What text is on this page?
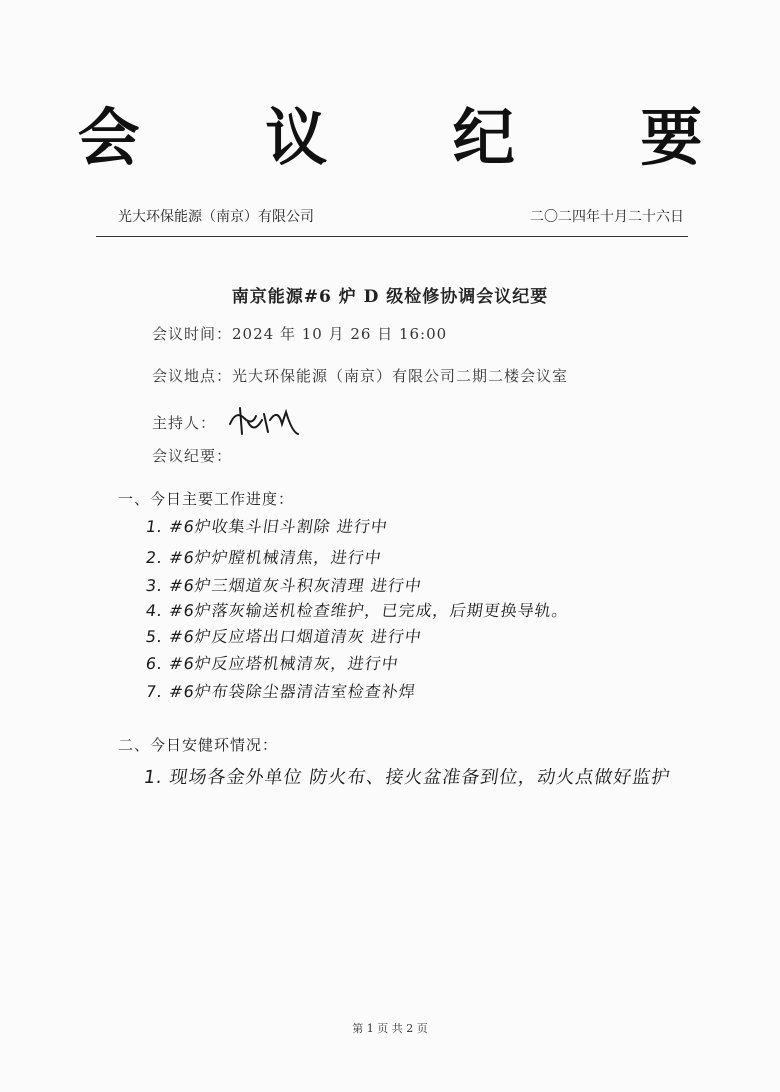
会 议 纪 要
光大环保能源（南京）有限公司	二〇二四年十月二十六日
南京能源#6 炉 D 级检修协调会议纪要
会议时间：2024 年 10 月 26 日 16:00
会议地点：光大环保能源（南京）有限公司二期二楼会议室
主持人：
会议纪要：
一、今日主要工作进度：
1. #6炉收集斗旧斗割除 进行中
2. #6炉炉膛机械清焦，进行中
3. #6炉三烟道灰斗积灰清理 进行中
4. #6炉落灰输送机检查维护，已完成，后期更换导轨。
5. #6炉反应塔出口烟道清灰 进行中
6. #6炉反应塔机械清灰，进行中
7. #6炉布袋除尘器清洁室检查补焊
二、今日安健环情况：
1. 现场各金外单位 防火布、接火盆准备到位，动火点做好监护
第 1 页 共 2 页
